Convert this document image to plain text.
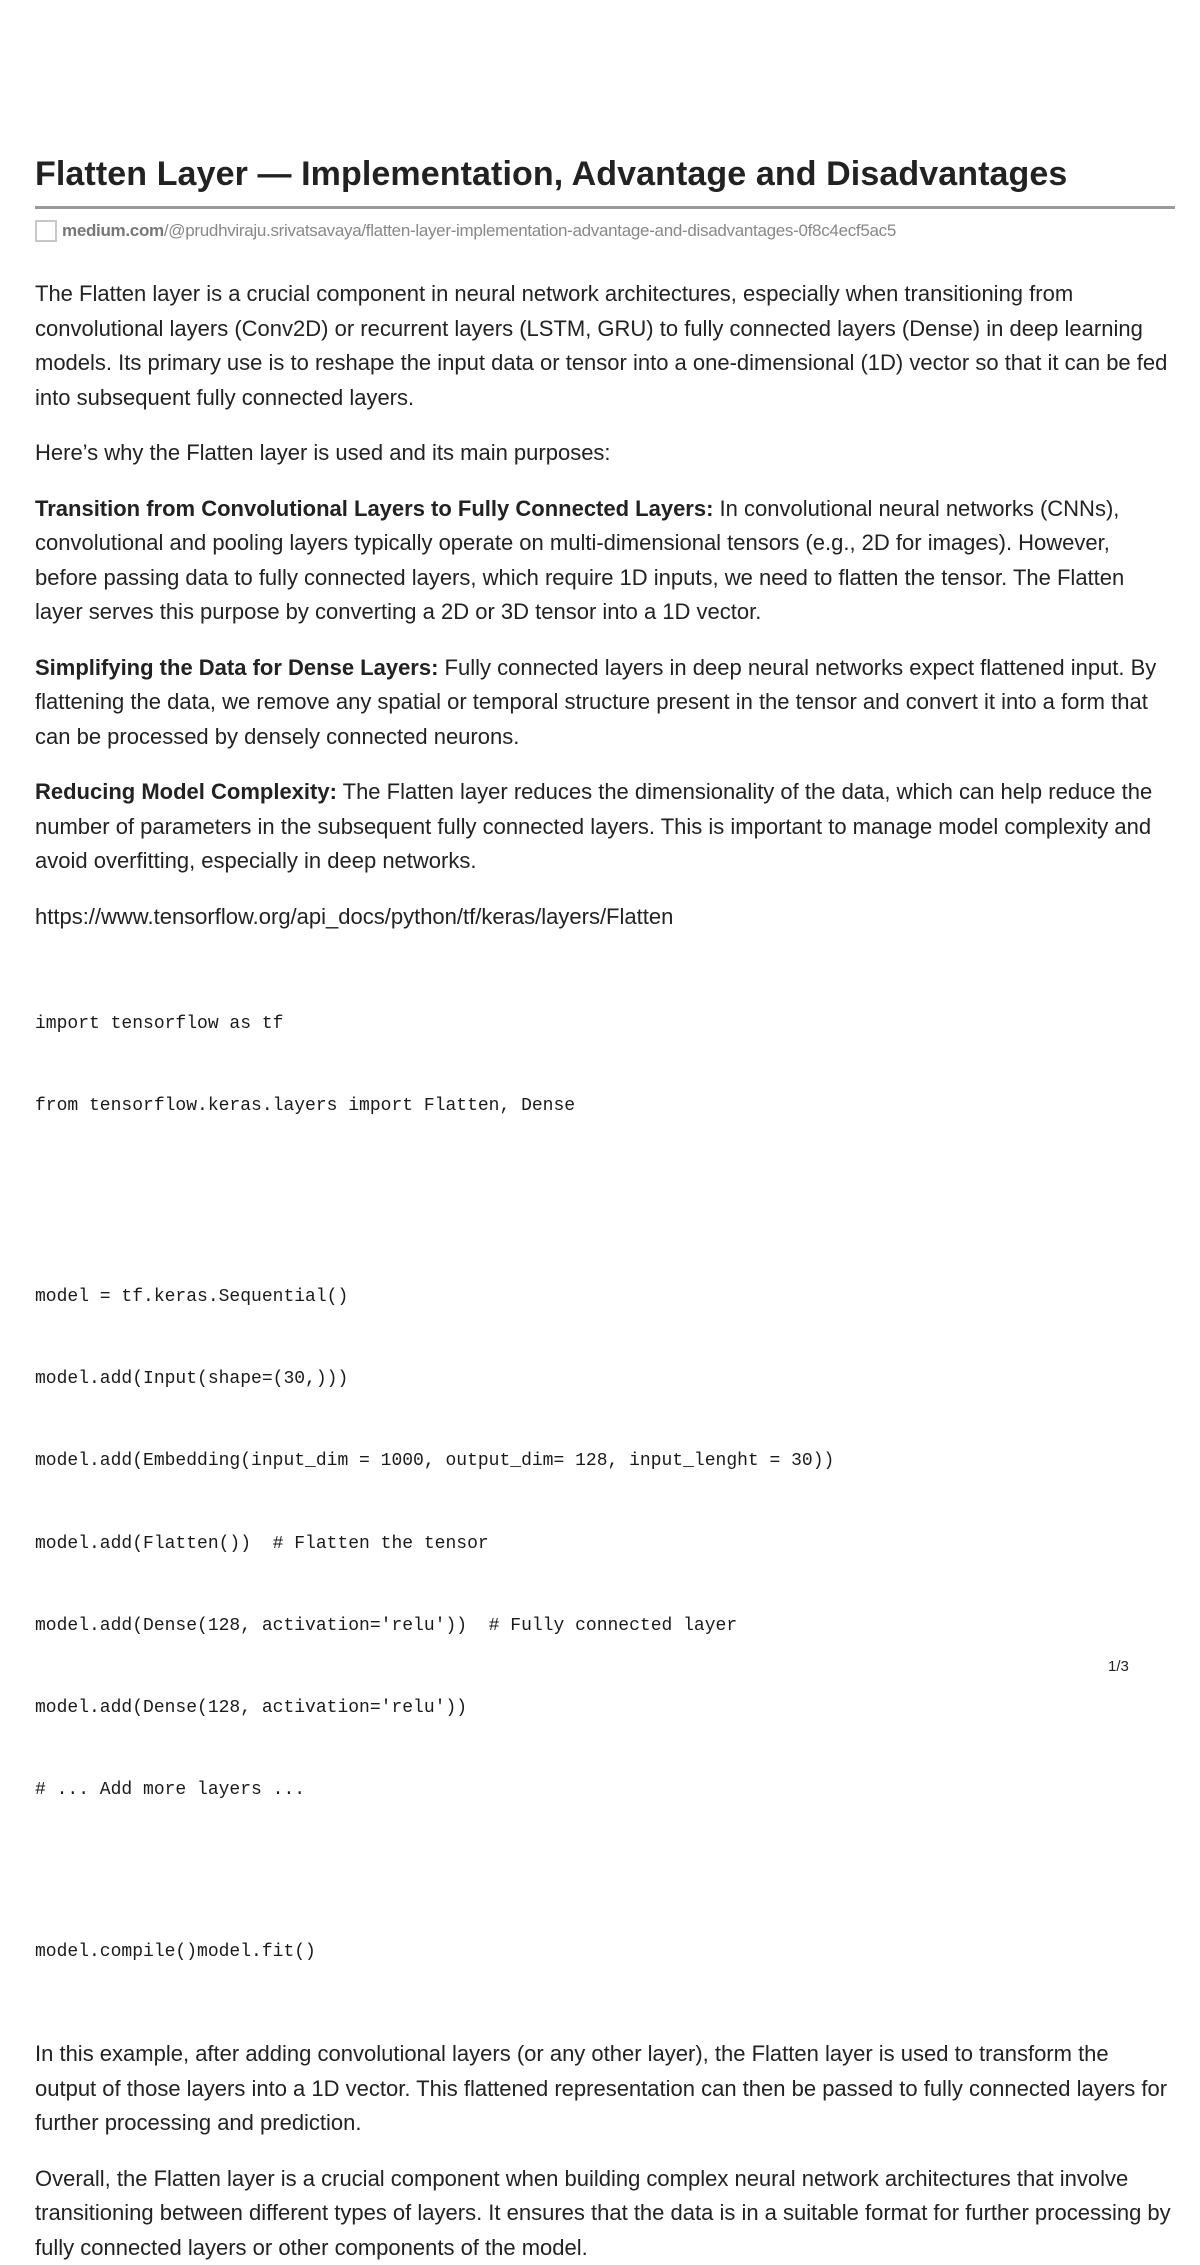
Flatten Layer — Implementation, Advantage and Disadvantages
medium.com/@prudhviraju.srivatsavaya/flatten-layer-implementation-advantage-and-disadvantages-0f8c4ecf5ac5

The Flatten layer is a crucial component in neural network architectures, especially when transitioning from convolutional layers (Conv2D) or recurrent layers (LSTM, GRU) to fully connected layers (Dense) in deep learning models. Its primary use is to reshape the input data or tensor into a one-dimensional (1D) vector so that it can be fed into subsequent fully connected layers.

Here’s why the Flatten layer is used and its main purposes:

Transition from Convolutional Layers to Fully Connected Layers: In convolutional neural networks (CNNs), convolutional and pooling layers typically operate on multi-dimensional tensors (e.g., 2D for images). However, before passing data to fully connected layers, which require 1D inputs, we need to flatten the tensor. The Flatten layer serves this purpose by converting a 2D or 3D tensor into a 1D vector.

Simplifying the Data for Dense Layers: Fully connected layers in deep neural networks expect flattened input. By flattening the data, we remove any spatial or temporal structure present in the tensor and convert it into a form that can be processed by densely connected neurons.

Reducing Model Complexity: The Flatten layer reduces the dimensionality of the data, which can help reduce the number of parameters in the subsequent fully connected layers. This is important to manage model complexity and avoid overfitting, especially in deep networks.

https://www.tensorflow.org/api_docs/python/tf/keras/layers/Flatten

import tensorflow as tf

from tensorflow.keras.layers import Flatten, Dense

model = tf.keras.Sequential()

model.add(Input(shape=(30,)))

model.add(Embedding(input_dim = 1000, output_dim= 128, input_lenght = 30))

model.add(Flatten())  # Flatten the tensor

model.add(Dense(128, activation='relu'))  # Fully connected layer

model.add(Dense(128, activation='relu'))

# ... Add more layers ...

model.compile()model.fit()

In this example, after adding convolutional layers (or any other layer), the Flatten layer is used to transform the output of those layers into a 1D vector. This flattened representation can then be passed to fully connected layers for further processing and prediction.

Overall, the Flatten layer is a crucial component when building complex neural network architectures that involve transitioning between different types of layers. It ensures that the data is in a suitable format for further processing by fully connected layers or other components of the model.

1/3
